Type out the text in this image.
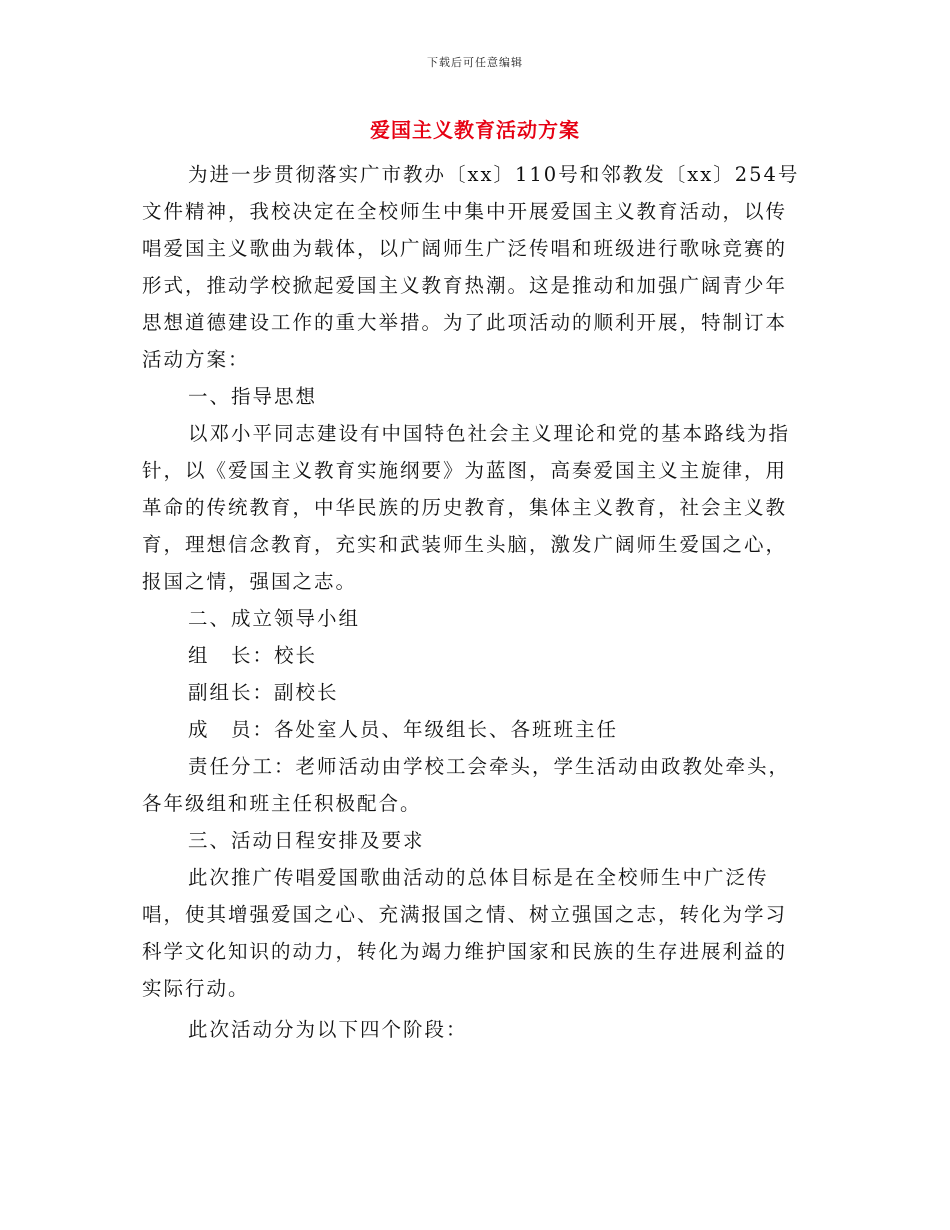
下载后可任意编辑
爱国主义教育活动方案

为进一步贯彻落实广市教办〔xx〕110号和邻教发〔xx〕254号文件精神，我校决定在全校师生中集中开展爱国主义教育活动，以传唱爱国主义歌曲为载体，以广阔师生广泛传唱和班级进行歌咏竞赛的形式，推动学校掀起爱国主义教育热潮。这是推动和加强广阔青少年思想道德建设工作的重大举措。为了此项活动的顺利开展，特制订本活动方案：

一、指导思想

以邓小平同志建设有中国特色社会主义理论和党的基本路线为指针，以《爱国主义教育实施纲要》为蓝图，高奏爱国主义主旋律，用革命的传统教育，中华民族的历史教育，集体主义教育，社会主义教育，理想信念教育，充实和武装师生头脑，激发广阔师生爱国之心，报国之情，强国之志。

二、成立领导小组

组　长：校长

副组长：副校长

成　员：各处室人员、年级组长、各班班主任

责任分工：老师活动由学校工会牵头，学生活动由政教处牵头，各年级组和班主任积极配合。

三、活动日程安排及要求

此次推广传唱爱国歌曲活动的总体目标是在全校师生中广泛传唱，使其增强爱国之心、充满报国之情、树立强国之志，转化为学习科学文化知识的动力，转化为竭力维护国家和民族的生存进展利益的实际行动。

此次活动分为以下四个阶段：
